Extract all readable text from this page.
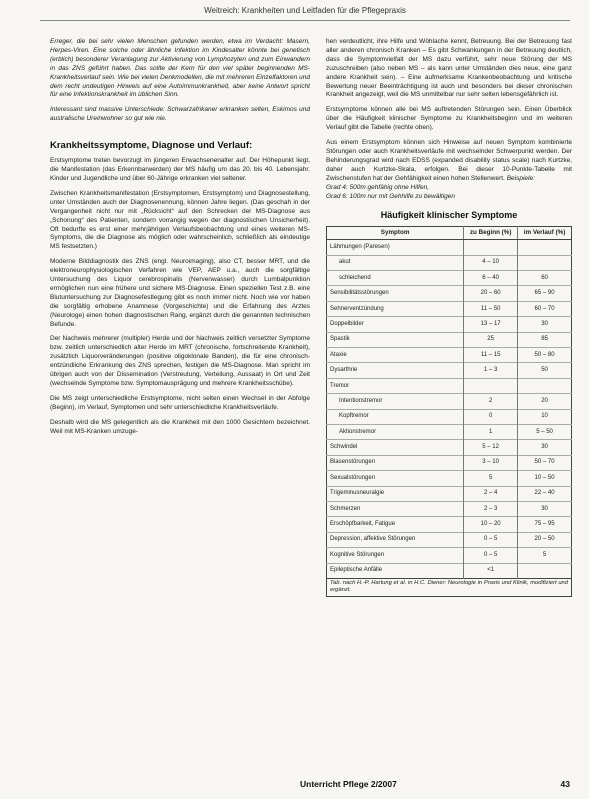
Weitreich: Krankheiten und Leitfaden für die Pflegepraxis

Erreger, die bei sehr vielen Menschen gefunden werden, etwa im Verdacht: Masern, Herpes-Viren. Eine solche oder ähnliche Infektion im Kindesalter könnte bei genetisch (erblich) besonderer Veranlagung zur Aktivierung von Lymphozyten und zum Einwandern in das ZNS geführt haben. Das sollte der Kern für den viel später beginnenden MS-Krankheitsverlauf sein. Wie bei vielen Denkmodellen, die mit mehreren Einzelfaktoren und dem recht undeutigen Hinweis auf eine Autoimmunkrankheit, aber keine Antwort spricht für eine Infektionskrankheit im üblichen Sinn.

Interessant sind massive Unterschiede: Schwarzafrikaner erkranken selten, Eskimos und australische Ureinwohner so gut wie nie.

Krankheitssymptome, Diagnose und Verlauf:

Erstsymptome treten bevorzugt im jüngeren Erwachsenenalter auf. Der Höhepunkt liegt, die Manifestation (das Erkennbarwerden) der MS häufig um das 20. bis 40. Lebensjahr. Kinder und Jugendliche und über 60-Jährige erkranken viel seltener.

Zwischen Krankheitsmanifestation (Erstsymptomen, Erstsymptom) und Diagnosestellung, unter Umständen auch der Diagnosenennung, können Jahre liegen. (Das geschah in der Vergangenheit nicht nur mit „Rücksicht“ auf den Schrecken der MS-Diagnose aus „Schonung“ des Patienten, sondern vorrangig wegen der diagnostischen Unsicherheit). Oft bedurfte es erst einer mehrjährigen Verlaufsbeobachtung und eines weiteren MS-Symptoms, die die Diagnose als möglich oder wahrscheinlich, schließlich als eindeutige MS festsetzten.)

Moderne Bilddiagnostik des ZNS (engl. Neuroimaging), also CT, besser MRT, und die elektroneurophysiologischen Verfahren wie VEP, AEP u.a., auch die sorgfältige Untersuchung des Liquor cerebrospinalis (Nervenwasser) durch Lumbalpunktion ermöglichen nun eine frühere und sichere MS-Diagnose. Einen speziellen Test z.B. eine Blutuntersuchung zur Diagnosefestlegung gibt es noch immer nicht. Noch wie vor haben die sorgfältig erhobene Anamnese (Vorgeschichte) und die Erfahrung des Arztes (Neurologe) einen hohen diagnostischen Rang, ergänzt durch die genannten technischen Befunde.

Der Nachweis mehrerer (multipler) Herde und der Nachweis zeitlich versetzter Symptome bzw. zeitlich unterschiedlich alter Herde im MRT (chronische, fortschreitende Krankheit), zusätzlich Liquorveränderungen (positive oligoklonale Banden), die für eine chronisch-entzündliche Erkrankung des ZNS sprechen, festigen die MS-Diagnose. Man spricht im übrigen auch von der Dissemination (Verstreutung, Verteilung, Aussaat) in Ort und Zeit (wechselnde Symptome bzw. Symptomausprägung und mehrere Krankheitsschübe).

Die MS zeigt unterschiedliche Erstsymptome, nicht selten einen Wechsel in der Abfolge (Beginn), im Verlauf, Symptomen und sehr unterschiedliche Krankheitsverläufe.

Deshalb wird die MS gelegentlich als die Krankheit mit den 1000 Gesichtern bezeichnet. Weil mit MS-Kranken umzuge-

hen verdeutlicht, ihre Hilfe und Wöhlache kennt, Betreuung. Bei der Betreuung fast aller anderen chronisch Kranken – Es gibt Schwankungen in der Betreuung deutlich, dass die Symptomvielfalt der MS dazu verführt, sehr neue Störung der MS zuzuschreiben (also neben MS – als kann unter Umständen dies neue, eine ganz andere Krankheit sein). – Eine aufmerksame Krankenbeobachtung und kritische Bewertung neuer Beeinträchtigung ist auch und besonders bei dieser chronischen Krankheit angezeigt, weil die MS unmittelbar nur sehr selten lebensgefährlich ist.

Erstsymptome können alle bei MS auftretenden Störungen sein. Einen Überblick über die Häufigkeit klinischer Symptome zu Krankheitsbeginn und im weiteren Verlauf gibt die Tabelle (rechte oben).

Aus einem Erstsymptom können sich Hinweise auf neuen Symptom kombinierte Störungen oder auch Krankheitsverläufe mit wechselnder Schwerpunkt werden. Der Behinderungsgrad wird nach EDSS (expanded disability status scale) nach Kurtzke, daher auch Kurtzke-Skala, erfolgen. Bei dieser 10-Punkte-Tabelle mit Zwischenstufen hat der Gehfähigkeit einen hohen Stellenwert. Beispiele:
Grad 4: 500m gehfähig ohne Hilfen,
Grad 6: 100m nur mit Gehhilfe zu bewältigen

Häufigkeit klinischer Symptome
Symptom	zu Beginn (%)	im Verlauf (%)
Lähmungen (Paresen)		
akut	4 – 10	
schleichend	6 – 40	60
Sensibilitätsstörungen	20 – 60	65 – 90
Sehnerventzündung	11 – 50	60 – 70
Doppelbilder	13 – 17	30
Spastik	25	85
Ataxie	11 – 15	50 – 80
Dysarthrie	1 – 3	50
Tremor		
Intentionstremor	2	20
Kopftremor	0	10
Aktionstremor	1	5 – 50
Schwindel	5 – 12	30
Blasenstörungen	3 – 10	50 – 70
Sexualstörungen	5	10 – 50
Trigeminusneuralgie	2 – 4	22 – 40
Schmerzen	2 – 3	30
Erschöpfbarkeit, Fatigue	10 – 20	75 – 95
Depression, affektive Störungen	0 – 5	20 – 50
Kognitive Störungen	0 – 5	5
Epileptische Anfälle	<1	
Tab. nach H.-P. Hartung et al. in H.C. Diener: Neurologie in Praxis und Klinik, modifiziert und ergänzt.
Unterricht Pflege 2/2007	43
